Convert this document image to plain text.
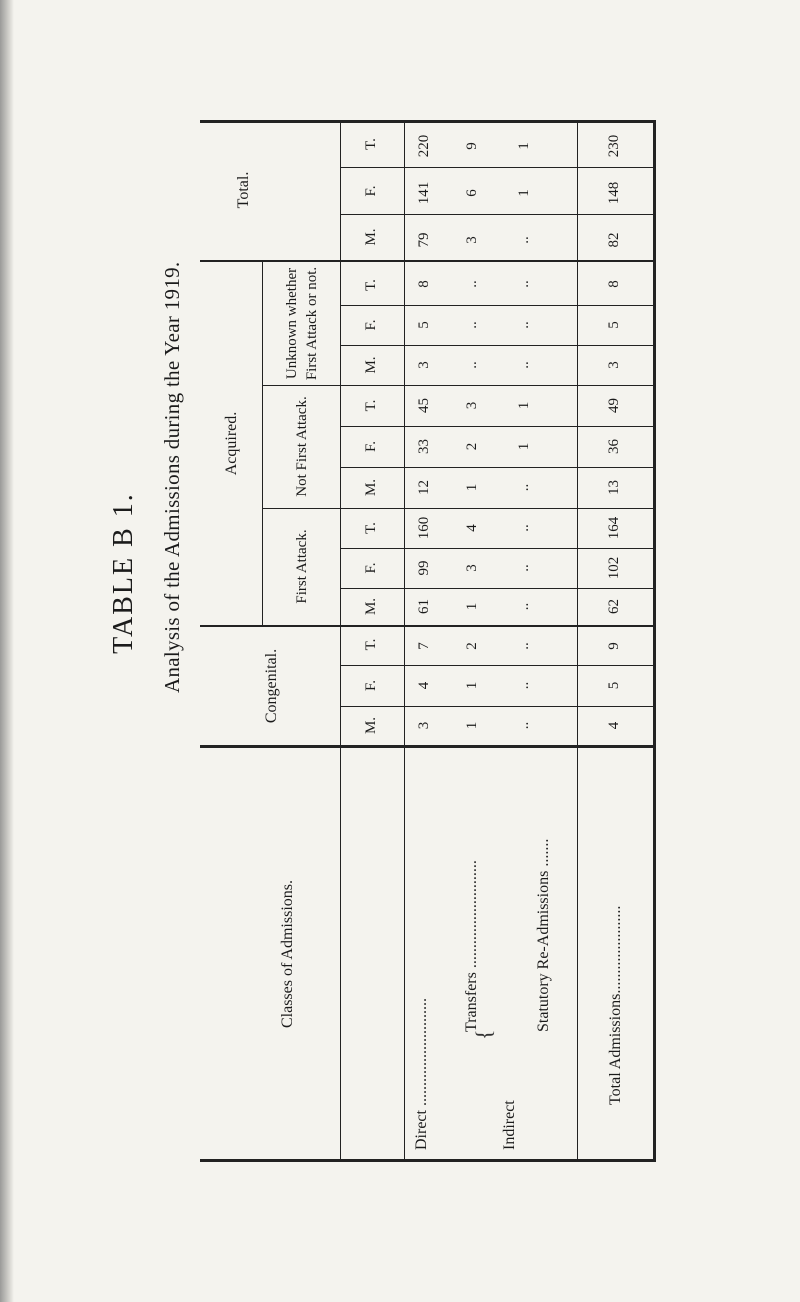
TABLE B 1. Analysis of the Admissions during the Year 1919.
Total.
Acquired.
Unknown whether First Attack or not.
Not First Attack.
First Attack.
Congenital.
Classes of Admissions.
M.
F.
T.
M.
F.
T.
M.
F.
T.
M.
F.
T.
M.
F.
T.
Direct ...........................
Indirect
{
Transfers ...........................	Statutory Re-Admissions .......
Total Admissions......................
79
141
220
3
6
9
..
1
1
82
148
230
3
5
8
..
..
..
..
..
..
3
5
8
12
33
45
1
2
3
..
1
1
13
36
49
61
99
160
1
3
4
..
..
..
62
102
164
3
4
7
1
1
2
..
..
..
4
5
9
